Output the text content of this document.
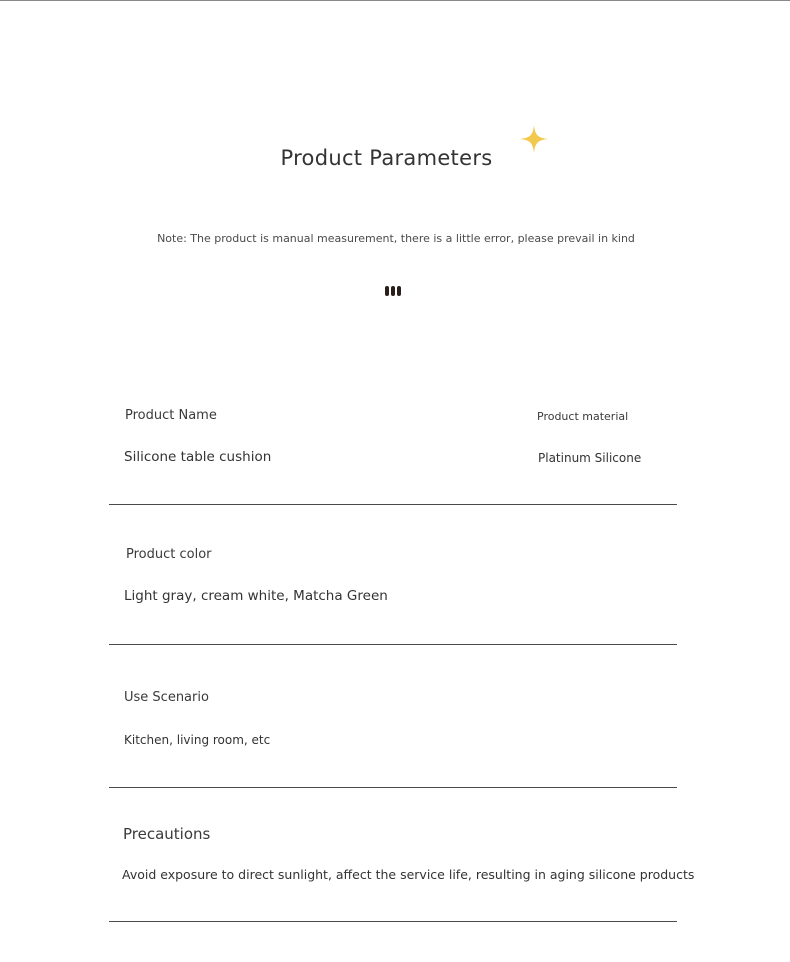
Product Parameters
Note: The product is manual measurement, there is a little error, please prevail in kind
Product Name
Silicone table cushion
Product material
Platinum Silicone
Product color
Light gray, cream white, Matcha Green
Use Scenario
Kitchen, living room, etc
Precautions
Avoid exposure to direct sunlight, affect the service life, resulting in aging silicone products
